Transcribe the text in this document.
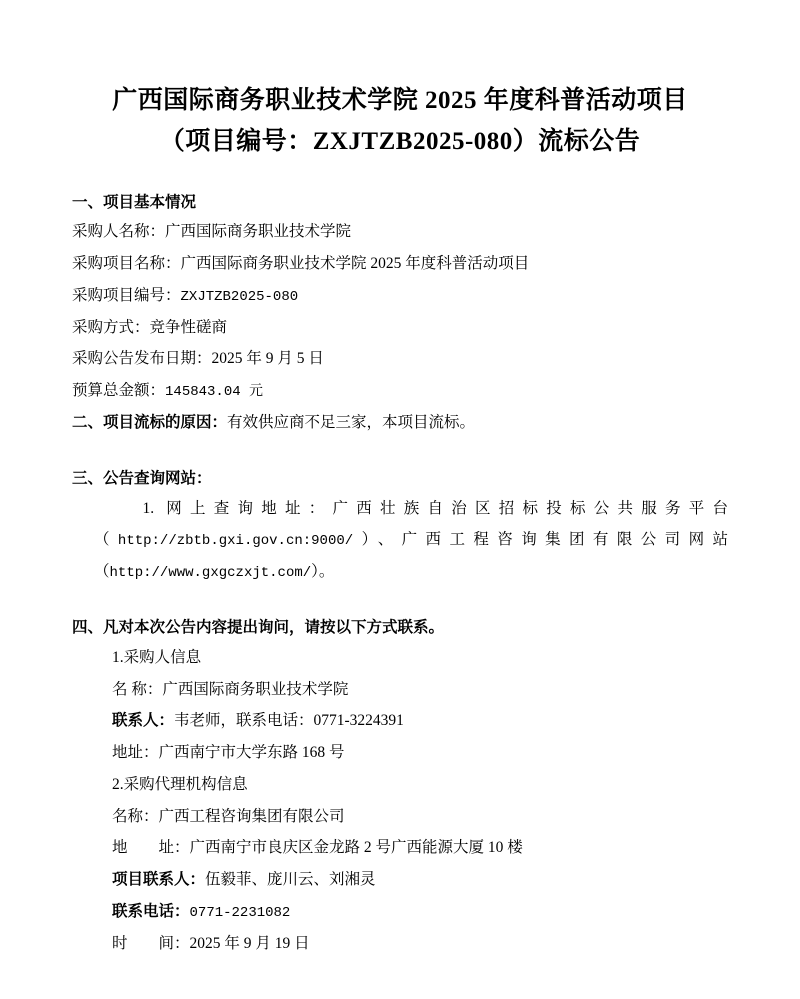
广西国际商务职业技术学院 2025 年度科普活动项目
（项目编号：ZXJTZB2025-080）流标公告

一、项目基本情况

采购人名称：广西国际商务职业技术学院

采购项目名称：广西国际商务职业技术学院 2025 年度科普活动项目

采购项目编号：ZXJTZB2025-080

采购方式：竞争性磋商

采购公告发布日期：2025 年 9 月 5 日

预算总金额：145843.04 元

二、项目流标的原因：有效供应商不足三家，本项目流标。

三、公告查询网站：

1. 网上查询地址：广西壮族自治区招标投标公共服务平台（http://zbtb.gxi.gov.cn:9000/）、广西工程咨询集团有限公司网站（http://www.gxgczxjt.com/）。

四、凡对本次公告内容提出询问，请按以下方式联系。

1.采购人信息

名 称：广西国际商务职业技术学院

联系人：韦老师，联系电话：0771-3224391

地址：广西南宁市大学东路 168 号

2.采购代理机构信息

名称：广西工程咨询集团有限公司

地        址：广西南宁市良庆区金龙路 2 号广西能源大厦 10 楼

项目联系人：伍毅菲、庞川云、刘湘灵

联系电话：0771-2231082

时        间：2025 年 9 月 19 日
